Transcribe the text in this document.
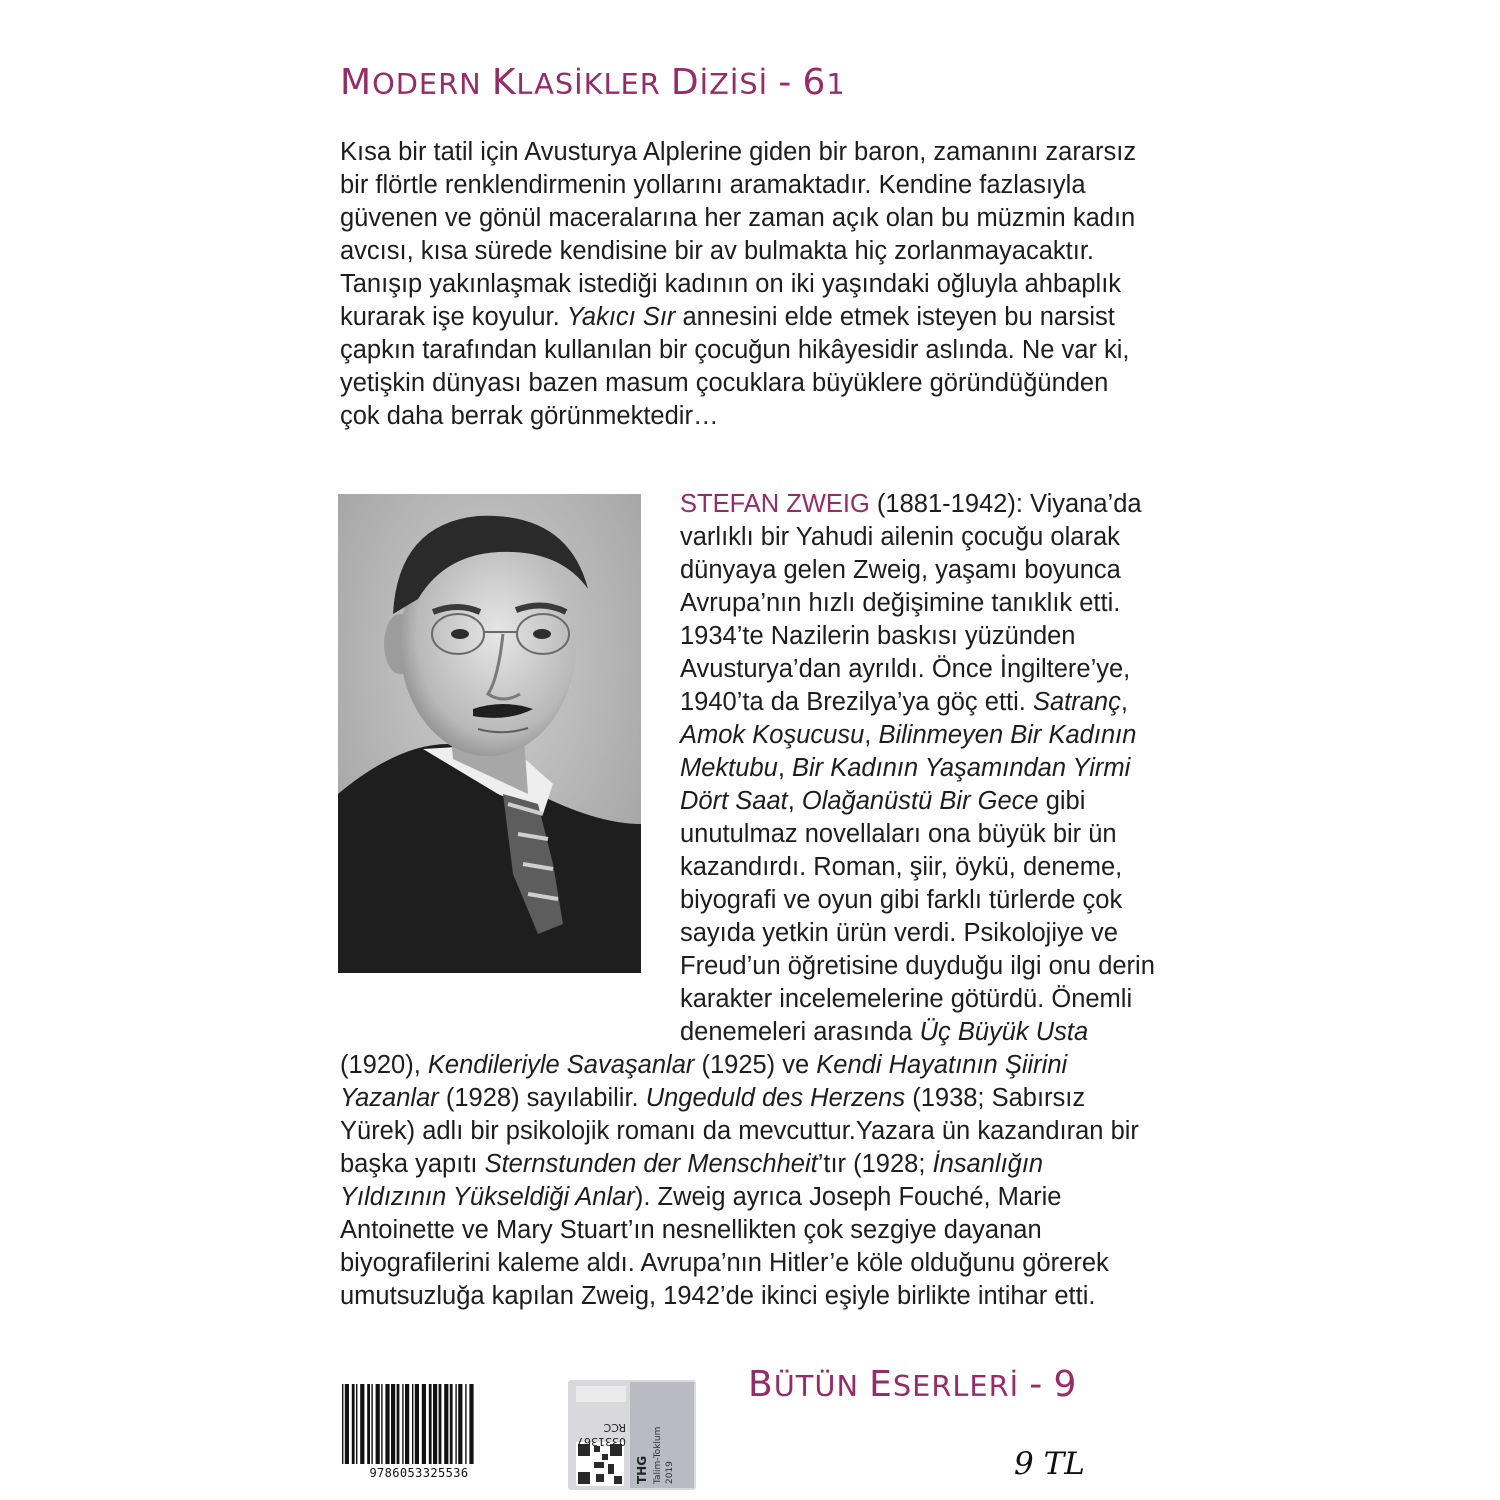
MODERN KLASİKLER DİZİSİ - 61

Kısa bir tatil için Avusturya Alplerine giden bir baron, zamanını zararsız bir flörtle renklendirmenin yollarını aramaktadır. Kendine fazlasıyla güvenen ve gönül maceralarına her zaman açık olan bu müzmin kadın avcısı, kısa sürede kendisine bir av bulmakta hiç zorlanmayacaktır. Tanışıp yakınlaşmak istediği kadının on iki yaşındaki oğluyla ahbaplık kurarak işe koyulur. Yakıcı Sır annesini elde etmek isteyen bu narsist çapkın tarafından kullanılan bir çocuğun hikâyesidir aslında. Ne var ki, yetişkin dünyası bazen masum çocuklara büyüklere göründüğünden çok daha berrak görünmektedir…

STEFAN ZWEIG (1881-1942): Viyana’da varlıklı bir Yahudi ailenin çocuğu olarak dünyaya gelen Zweig, yaşamı boyunca Avrupa’nın hızlı değişimine tanıklık etti. 1934’te Nazilerin baskısı yüzünden Avusturya’dan ayrıldı. Önce İngiltere’ye, 1940’ta da Brezilya’ya göç etti. Satranç, Amok Koşucusu, Bilinmeyen Bir Kadının Mektubu, Bir Kadının Yaşamından Yirmi Dört Saat, Olağanüstü Bir Gece gibi unutulmaz novellaları ona büyük bir ün kazandırdı. Roman, şiir, öykü, deneme, biyografi ve oyun gibi farklı türlerde çok sayıda yetkin ürün verdi. Psikolojiye ve Freud’un öğretisine duyduğu ilgi onu derin karakter incelemelerine götürdü. Önemli denemeleri arasında Üç Büyük Usta (1920), Kendileriyle Savaşanlar (1925) ve Kendi Hayatının Şiirini Yazanlar (1928) sayılabilir. Ungeduld des Herzens (1938; Sabırsız Yürek) adlı bir psikolojik romanı da mevcuttur.Yazara ün kazandıran bir başka yapıtı Sternstunden der Menschheit’tır (1928; İnsanlığın Yıldızının Yükseldiği Anlar). Zweig ayrıca Joseph Fouché, Marie Antoinette ve Mary Stuart’ın nesnellikten çok sezgiye dayanan biyografilerini kaleme aldı. Avrupa’nın Hitler’e köle olduğunu görerek umutsuzluğa kapılan Zweig, 1942’de ikinci eşiyle birlikte intihar etti.
9786053325536	THG Talim-Toklum 2019
0331367
RCC
BÜTÜN ESERLERİ - 9

9 TL
